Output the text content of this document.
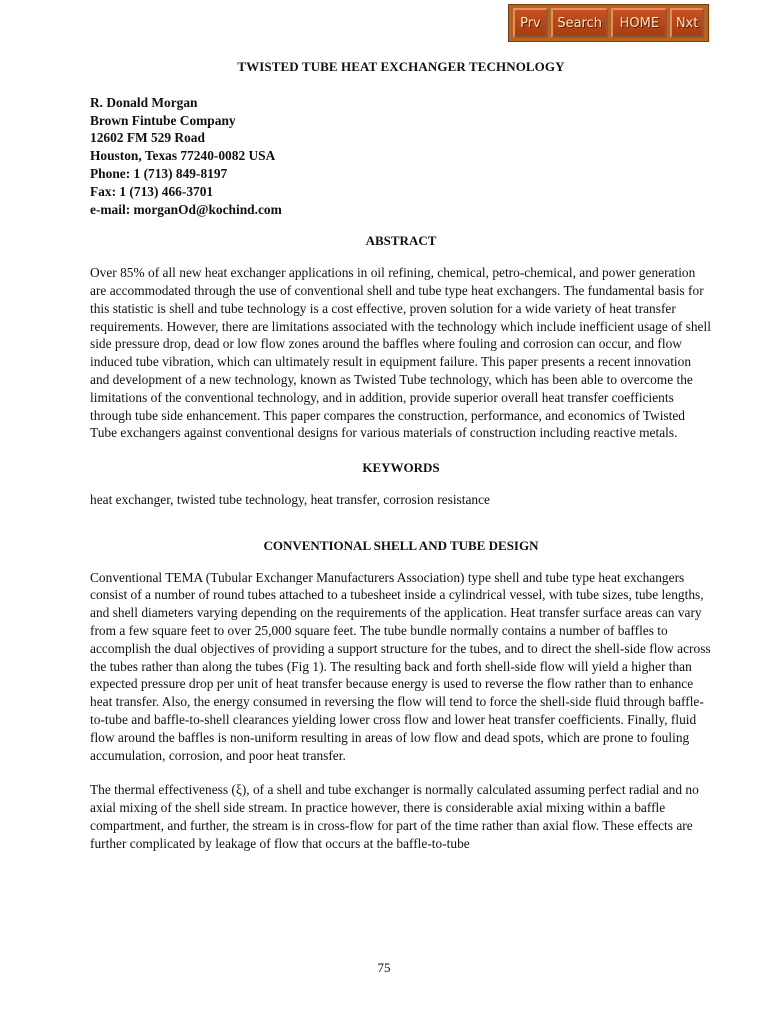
Prv	Search	HOME	Nxt
TWISTED TUBE HEAT EXCHANGER TECHNOLOGY
R. Donald Morgan
Brown Fintube Company
12602 FM 529 Road
Houston, Texas 77240-0082 USA
Phone: 1 (713) 849-8197
Fax: 1 (713) 466-3701
e-mail: morganOd@kochind.com
ABSTRACT

Over 85% of all new heat exchanger applications in oil refining, chemical, petro-chemical, and power generation are accommodated through the use of conventional shell and tube type heat exchangers. The fundamental basis for this statistic is shell and tube technology is a cost effective, proven solution for a wide variety of heat transfer requirements. However, there are limitations associated with the technology which include inefficient usage of shell side pressure drop, dead or low flow zones around the baffles where fouling and corrosion can occur, and flow induced tube vibration, which can ultimately result in equipment failure. This paper presents a recent innovation and development of a new technology, known as Twisted Tube technology, which has been able to overcome the limitations of the conventional technology, and in addition, provide superior overall heat transfer coefficients through tube side enhancement. This paper compares the construction, performance, and economics of Twisted Tube exchangers against conventional designs for various materials of construction including reactive metals.

KEYWORDS

heat exchanger, twisted tube technology, heat transfer, corrosion resistance

CONVENTIONAL SHELL AND TUBE DESIGN

Conventional TEMA (Tubular Exchanger Manufacturers Association) type shell and tube type heat exchangers consist of a number of round tubes attached to a tubesheet inside a cylindrical vessel, with tube sizes, tube lengths, and shell diameters varying depending on the requirements of the application. Heat transfer surface areas can vary from a few square feet to over 25,000 square feet. The tube bundle normally contains a number of baffles to accomplish the dual objectives of providing a support structure for the tubes, and to direct the shell-side flow across the tubes rather than along the tubes (Fig 1). The resulting back and forth shell-side flow will yield a higher than expected pressure drop per unit of heat transfer because energy is used to reverse the flow rather than to enhance heat transfer. Also, the energy consumed in reversing the flow will tend to force the shell-side fluid through baffle-to-tube and baffle-to-shell clearances yielding lower cross flow and lower heat transfer coefficients. Finally, fluid flow around the baffles is non-uniform resulting in areas of low flow and dead spots, which are prone to fouling accumulation, corrosion, and poor heat transfer.

The thermal effectiveness (ξ), of a shell and tube exchanger is normally calculated assuming perfect radial and no axial mixing of the shell side stream. In practice however, there is considerable axial mixing within a baffle compartment, and further, the stream is in cross-flow for part of the time rather than axial flow. These effects are further complicated by leakage of flow that occurs at the baffle-to-tube

75
